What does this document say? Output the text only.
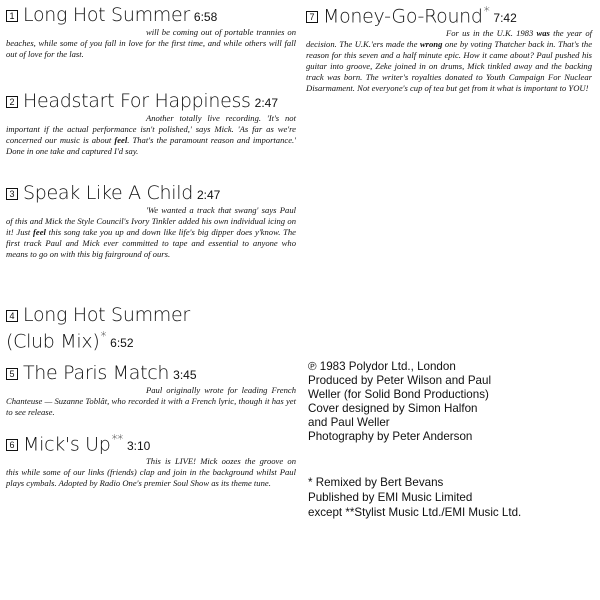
1 Long Hot Summer 6:58

will be coming out of portable trannies on beaches, while some of you fall in love for the first time, and while others will fall out of love for the last.

2 Headstart For Happiness 2:47

Another totally live recording. 'It's not important if the actual performance isn't polished,' says Mick. 'As far as we're concerned our music is about feel. That's the paramount reason and importance.' Done in one take and captured I'd say.

3 Speak Like A Child 2:47

'We wanted a track that swang' says Paul of this and Mick the Style Council's Ivory Tinkler added his own individual icing on it! Just feel this song take you up and down like life's big dipper does y'know. The first track Paul and Mick ever committed to tape and essential to anyone who means to go on with this big fairground of ours.

4 Long Hot Summer
(Club Mix)*
6:52
5 The Paris Match 3:45

Paul originally wrote for leading French Chanteuse — Suzanne Toblât, who recorded it with a French lyric, though it has yet to see release.

6 Mick's Up**
3:10

This is LIVE! Mick oozes the groove on this while some of our links (friends) clap and join in the background whilst Paul plays cymbals. Adopted by Radio One's premier Soul Show as its theme tune.

7 Money-Go-Round*
7:42

For us in the U.K. 1983 was the year of decision. The U.K.'ers made the wrong one by voting Thatcher back in. That's the reason for this seven and a half minute epic. How it came about? Paul pushed his guitar into groove, Zeke joined in on drums, Mick tinkled away and the backing track was born. The writer's royalties donated to Youth Campaign For Nuclear Disarmament. Not everyone's cup of tea but get from it what is important to YOU!

℗ 1983 Polydor Ltd., London
Produced by Peter Wilson and Paul
Weller (for Solid Bond Productions)
Cover designed by Simon Halfon
and Paul Weller
Photography by Peter Anderson
* Remixed by Bert Bevans
Published by EMI Music Limited
except **Stylist Music Ltd./EMI Music Ltd.
